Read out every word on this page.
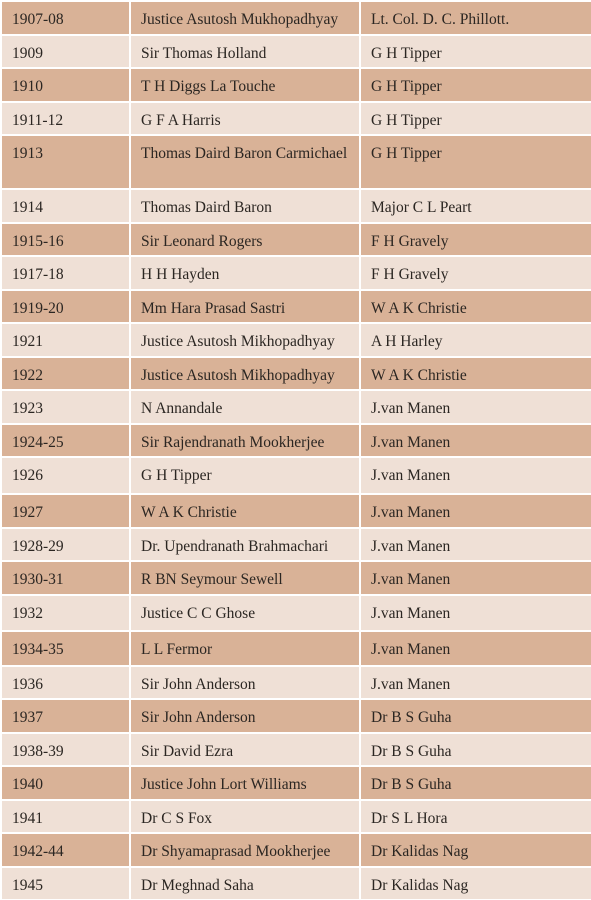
1907-08	Justice Asutosh Mukhopadhyay	Lt. Col. D. C. Phillott.
1909	Sir Thomas Holland	G H Tipper
1910	T H Diggs La Touche	G H Tipper
1911-12	G F A Harris	G H Tipper
1913	Thomas Daird Baron Carmichael	G H Tipper
1914	Thomas Daird Baron	Major C L Peart
1915-16	Sir Leonard Rogers	F H Gravely
1917-18	H H Hayden	F H Gravely
1919-20	Mm Hara Prasad Sastri	W A K Christie
1921	Justice Asutosh Mikhopadhyay	A H Harley
1922	Justice Asutosh Mikhopadhyay	W A K Christie
1923	N Annandale	J.van Manen
1924-25	Sir Rajendranath Mookherjee	J.van Manen
1926	G H Tipper	J.van Manen
1927	W A K Christie	J.van Manen
1928-29	Dr. Upendranath Brahmachari	J.van Manen
1930-31	R BN Seymour Sewell	J.van Manen
1932	Justice C C Ghose	J.van Manen
1934-35	L L Fermor	J.van Manen
1936	Sir John Anderson	J.van Manen
1937	Sir John Anderson	Dr B S Guha
1938-39	Sir David Ezra	Dr B S Guha
1940	Justice John Lort Williams	Dr B S Guha
1941	Dr C S Fox	Dr S L Hora
1942-44	Dr Shyamaprasad Mookherjee	Dr Kalidas Nag
1945	Dr Meghnad Saha	Dr Kalidas Nag
